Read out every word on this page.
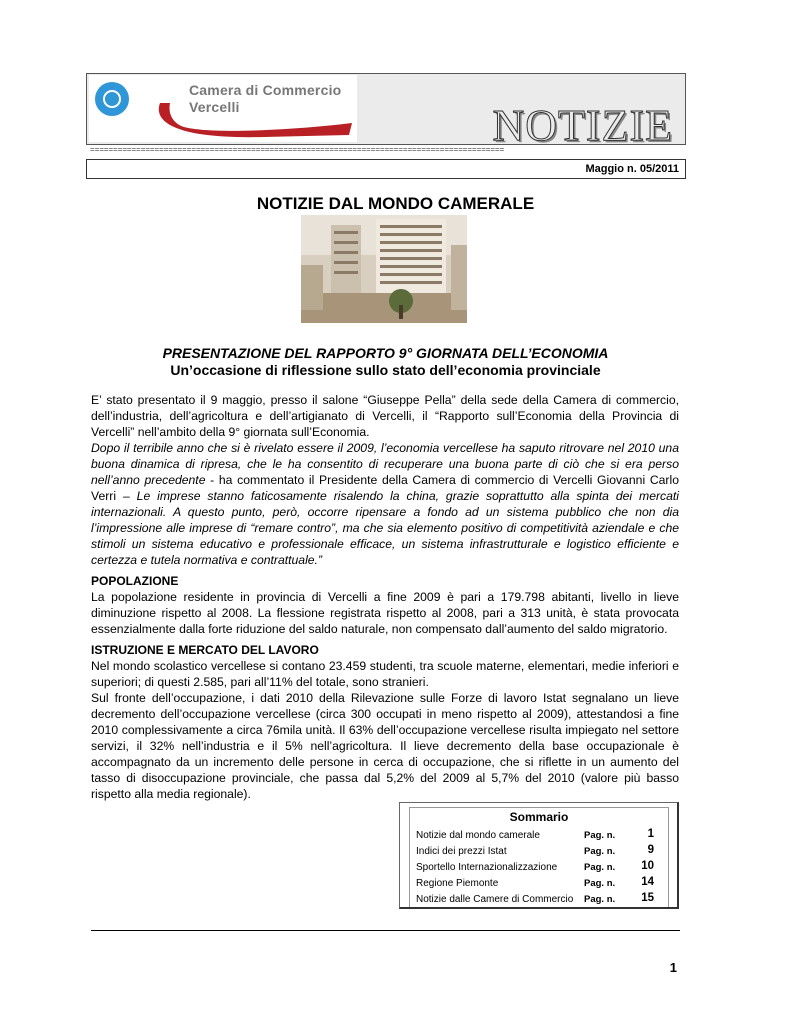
Camera di Commercio
Vercelli	NOTIZIE
==========================================================================================
Maggio n. 05/2011
NOTIZIE DAL MONDO CAMERALE
PRESENTAZIONE DEL RAPPORTO 9° GIORNATA DELL’ECONOMIA
Un’occasione di riflessione sullo stato dell’economia provinciale
E’ stato presentato il 9 maggio, presso il salone “Giuseppe Pella” della sede della Camera di commercio, dell’industria, dell’agricoltura e dell’artigianato di Vercelli, il “Rapporto sull’Economia della Provincia di Vercelli” nell’ambito della 9° giornata sull’Economia.
Dopo il terribile anno che si è rivelato essere il 2009, l’economia vercellese ha saputo ritrovare nel 2010 una buona dinamica di ripresa, che le ha consentito di recuperare una buona parte di ciò che si era perso nell’anno precedente - ha commentato il Presidente della Camera di commercio di Vercelli Giovanni Carlo Verri – Le imprese stanno faticosamente risalendo la china, grazie soprattutto alla spinta dei mercati internazionali. A questo punto, però, occorre ripensare a fondo ad un sistema pubblico che non dia l’impressione alle imprese di “remare contro”, ma che sia elemento positivo di competitività aziendale e che stimoli un sistema educativo e professionale efficace, un sistema infrastrutturale e logistico efficiente e certezza e tutela normativa e contrattuale.”
POPOLAZIONE
La popolazione residente in provincia di Vercelli a fine 2009 è pari a 179.798 abitanti, livello in lieve diminuzione rispetto al 2008. La flessione registrata rispetto al 2008, pari a 313 unità, è stata provocata essenzialmente dalla forte riduzione del saldo naturale, non compensato dall’aumento del saldo migratorio.
ISTRUZIONE E MERCATO DEL LAVORO
Nel mondo scolastico vercellese si contano 23.459 studenti, tra scuole materne, elementari, medie inferiori e superiori; di questi 2.585, pari all’11% del totale, sono stranieri.
Sul fronte dell’occupazione, i dati 2010 della Rilevazione sulle Forze di lavoro Istat segnalano un lieve decremento dell’occupazione vercellese (circa 300 occupati in meno rispetto al 2009), attestandosi a fine 2010 complessivamente a circa 76mila unità. Il 63% dell’occupazione vercellese risulta impiegato nel settore servizi, il 32% nell’industria e il 5% nell’agricoltura. Il lieve decremento della base occupazionale è accompagnato da un incremento delle persone in cerca di occupazione, che si riflette in un aumento del tasso di disoccupazione provinciale, che passa dal 5,2% del 2009 al 5,7% del 2010 (valore più basso rispetto alla media regionale).
Sommario
Notizie dal mondo camerale	Pag. n.	1
Indici dei prezzi Istat	Pag. n.	9
Sportello Internazionalizzazione	Pag. n.	10
Regione Piemonte	Pag. n.	14
Notizie dalle Camere di Commercio Pag. n.	15
1
